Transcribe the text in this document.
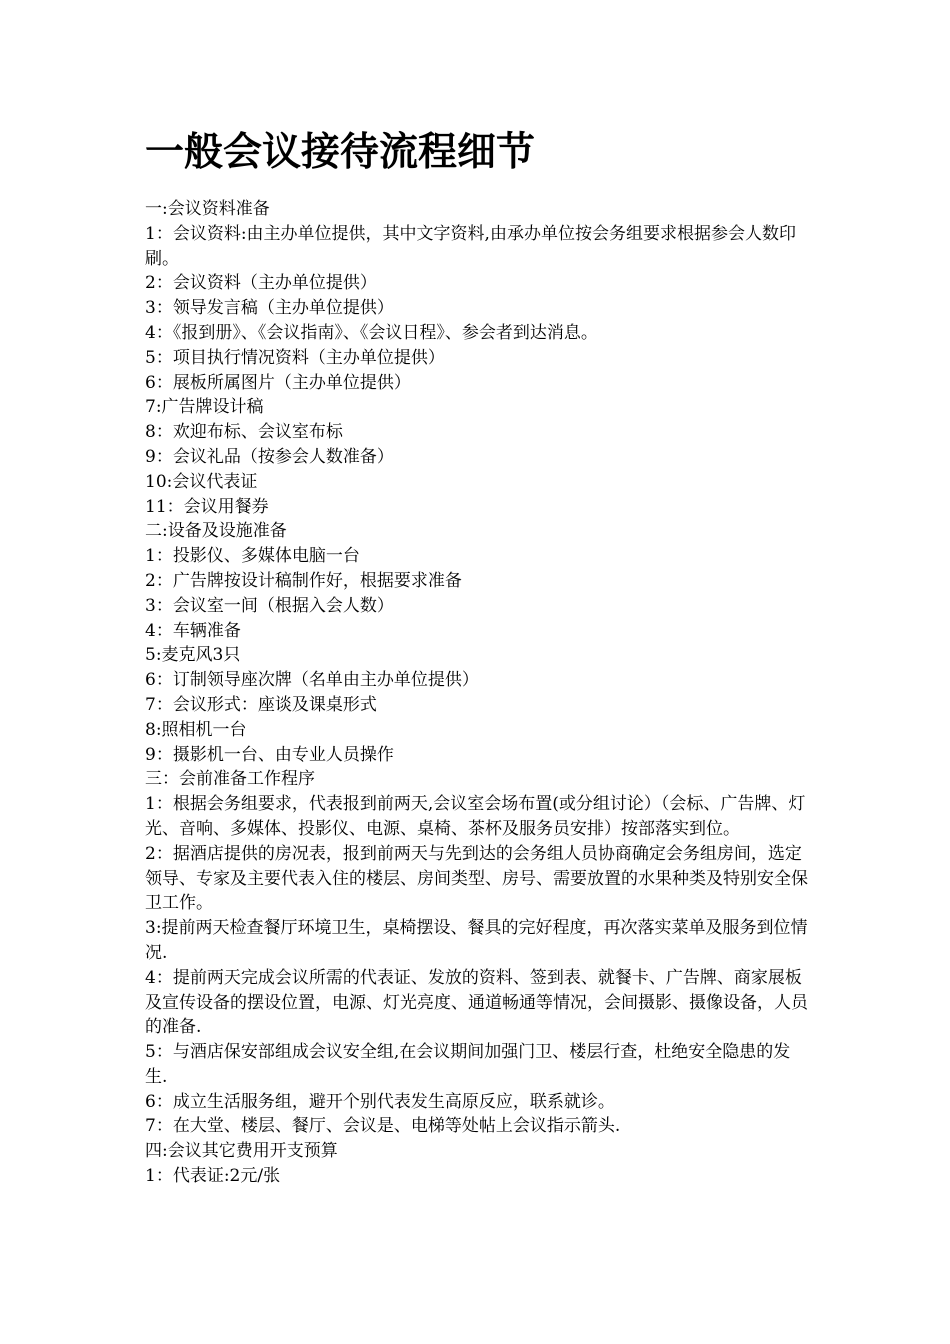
一般会议接待流程细节

一:会议资料准备

1：会议资料:由主办单位提供，其中文字资料,由承办单位按会务组要求根据参会人数印刷。

2：会议资料（主办单位提供）

3：领导发言稿（主办单位提供）

4：《报到册》、《会议指南》、《会议日程》、参会者到达消息。

5：项目执行情况资料（主办单位提供）

6：展板所属图片（主办单位提供）

7:广告牌设计稿

8：欢迎布标、会议室布标

9：会议礼品（按参会人数准备）

10:会议代表证

11：会议用餐券

二:设备及设施准备

1：投影仪、多媒体电脑一台

2：广告牌按设计稿制作好，根据要求准备

3：会议室一间（根据入会人数）

4：车辆准备

5:麦克风3只

6：订制领导座次牌（名单由主办单位提供）

7：会议形式：座谈及课桌形式

8:照相机一台

9：摄影机一台、由专业人员操作

三：会前准备工作程序

1：根据会务组要求，代表报到前两天,会议室会场布置(或分组讨论）（会标、广告牌、灯光、音响、多媒体、投影仪、电源、桌椅、茶杯及服务员安排）按部落实到位。

2：据酒店提供的房况表，报到前两天与先到达的会务组人员协商确定会务组房间，选定领导、专家及主要代表入住的楼层、房间类型、房号、需要放置的水果种类及特别安全保卫工作。

3:提前两天检查餐厅环境卫生，桌椅摆设、餐具的完好程度，再次落实菜单及服务到位情况.

4：提前两天完成会议所需的代表证、发放的资料、签到表、就餐卡、广告牌、商家展板及宣传设备的摆设位置，电源、灯光亮度、通道畅通等情况，会间摄影、摄像设备，人员的准备.

5：与酒店保安部组成会议安全组,在会议期间加强门卫、楼层行查，杜绝安全隐患的发生.

6：成立生活服务组，避开个别代表发生高原反应，联系就诊。

7：在大堂、楼层、餐厅、会议是、电梯等处帖上会议指示箭头.

四:会议其它费用开支预算

1：代表证:2元/张
